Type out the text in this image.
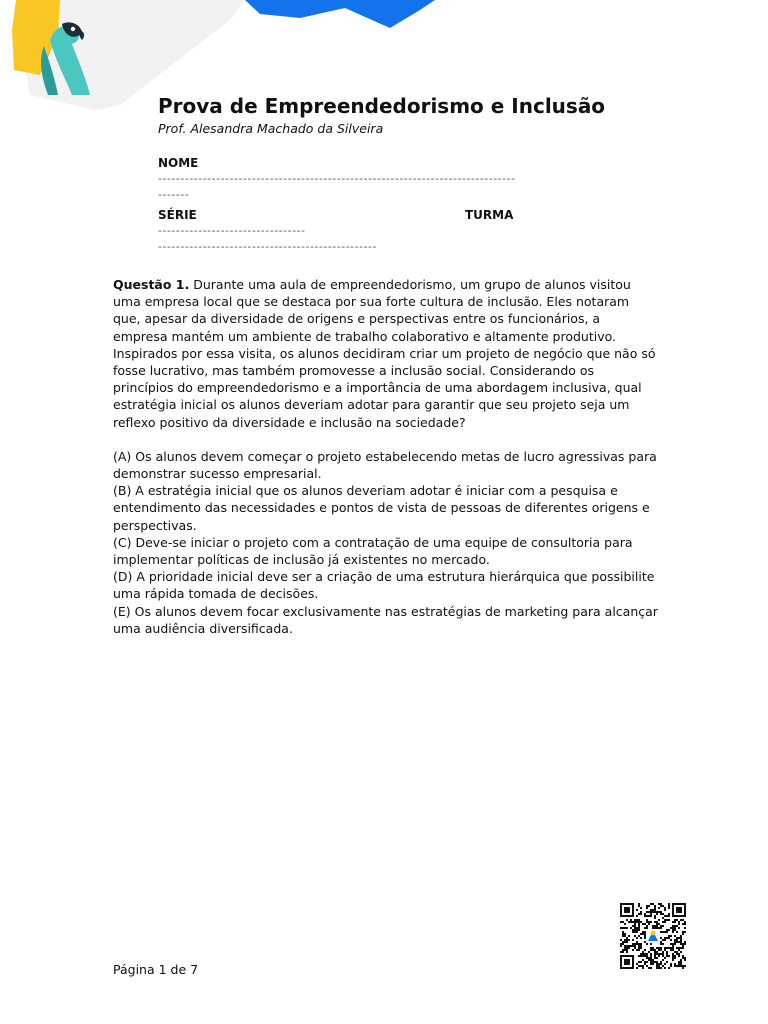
Prova de Empreendedorismo e Inclusão
Prof. Alesandra Machado da Silveira
NOME
--------------------------------------------------------------------------------
-------
SÉRIE	TURMA
---------------------------------
-------------------------------------------------

Questão 1. Durante uma aula de empreendedorismo, um grupo de alunos visitou uma empresa local que se destaca por sua forte cultura de inclusão. Eles notaram que, apesar da diversidade de origens e perspectivas entre os funcionários, a empresa mantém um ambiente de trabalho colaborativo e altamente produtivo. Inspirados por essa visita, os alunos decidiram criar um projeto de negócio que não só fosse lucrativo, mas também promovesse a inclusão social. Considerando os princípios do empreendedorismo e a importância de uma abordagem inclusiva, qual estratégia inicial os alunos deveriam adotar para garantir que seu projeto seja um reflexo positivo da diversidade e inclusão na sociedade?

(A) Os alunos devem começar o projeto estabelecendo metas de lucro agressivas para demonstrar sucesso empresarial.

(B) A estratégia inicial que os alunos deveriam adotar é iniciar com a pesquisa e entendimento das necessidades e pontos de vista de pessoas de diferentes origens e perspectivas.

(C) Deve-se iniciar o projeto com a contratação de uma equipe de consultoria para implementar políticas de inclusão já existentes no mercado.

(D) A prioridade inicial deve ser a criação de uma estrutura hierárquica que possibilite uma rápida tomada de decisões.

(E) Os alunos devem focar exclusivamente nas estratégias de marketing para alcançar uma audiência diversificada.

Página 1 de 7
